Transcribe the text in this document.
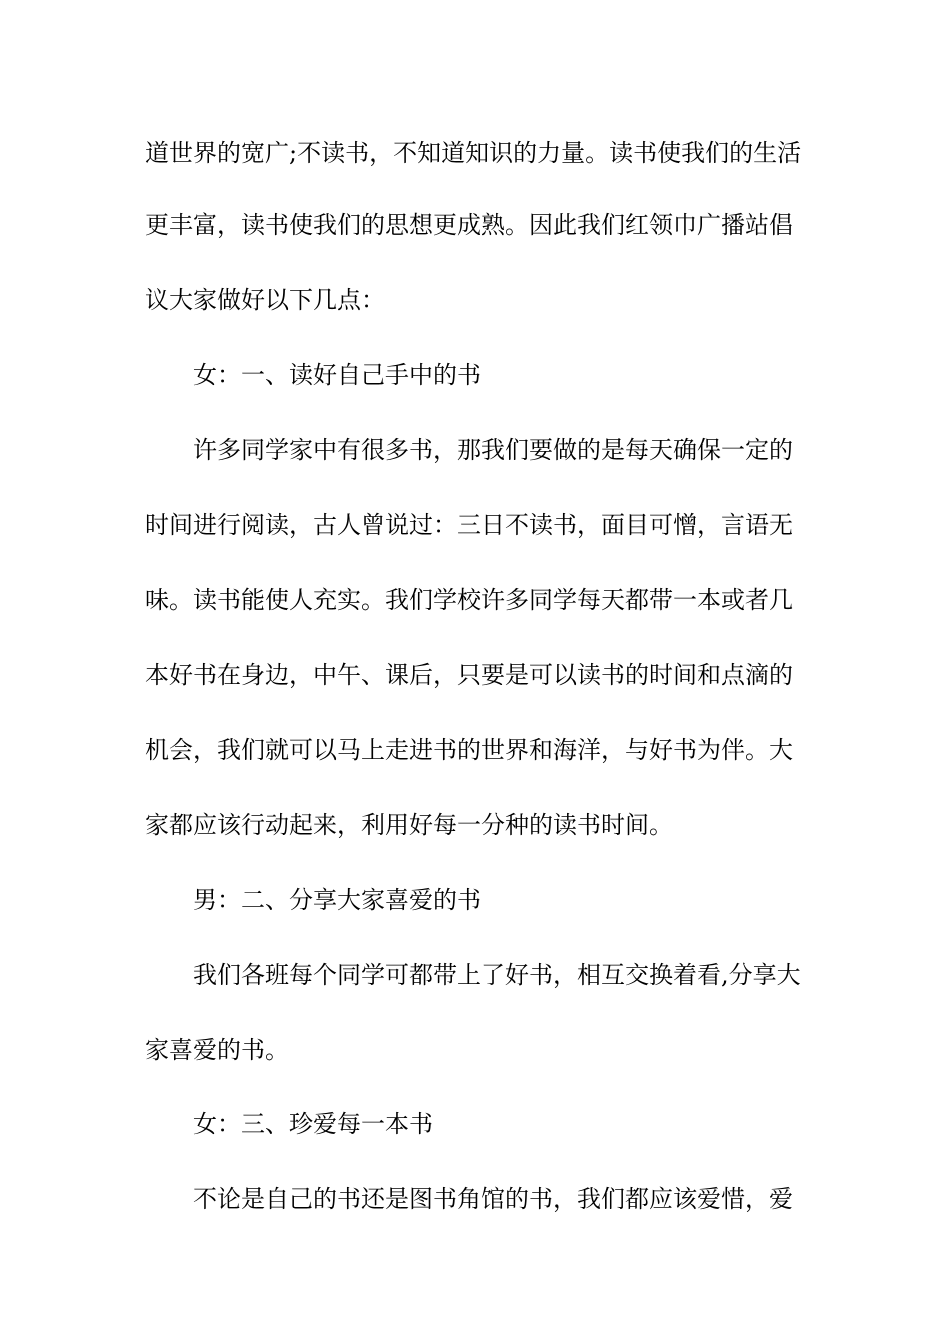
道世界的宽广;不读书，不知道知识的力量。读书使我们的生活
更丰富，读书使我们的思想更成熟。因此我们红领巾广播站倡
议大家做好以下几点：
女：一、读好自己手中的书
许多同学家中有很多书，那我们要做的是每天确保一定的
时间进行阅读，古人曾说过：三日不读书，面目可憎，言语无
味。读书能使人充实。我们学校许多同学每天都带一本或者几
本好书在身边，中午、课后，只要是可以读书的时间和点滴的
机会，我们就可以马上走进书的世界和海洋，与好书为伴。大
家都应该行动起来，利用好每一分种的读书时间。
男：二、分享大家喜爱的书
我们各班每个同学可都带上了好书，相互交换着看,分享大
家喜爱的书。
女：三、珍爱每一本书
不论是自己的书还是图书角馆的书，我们都应该爱惜，爱
